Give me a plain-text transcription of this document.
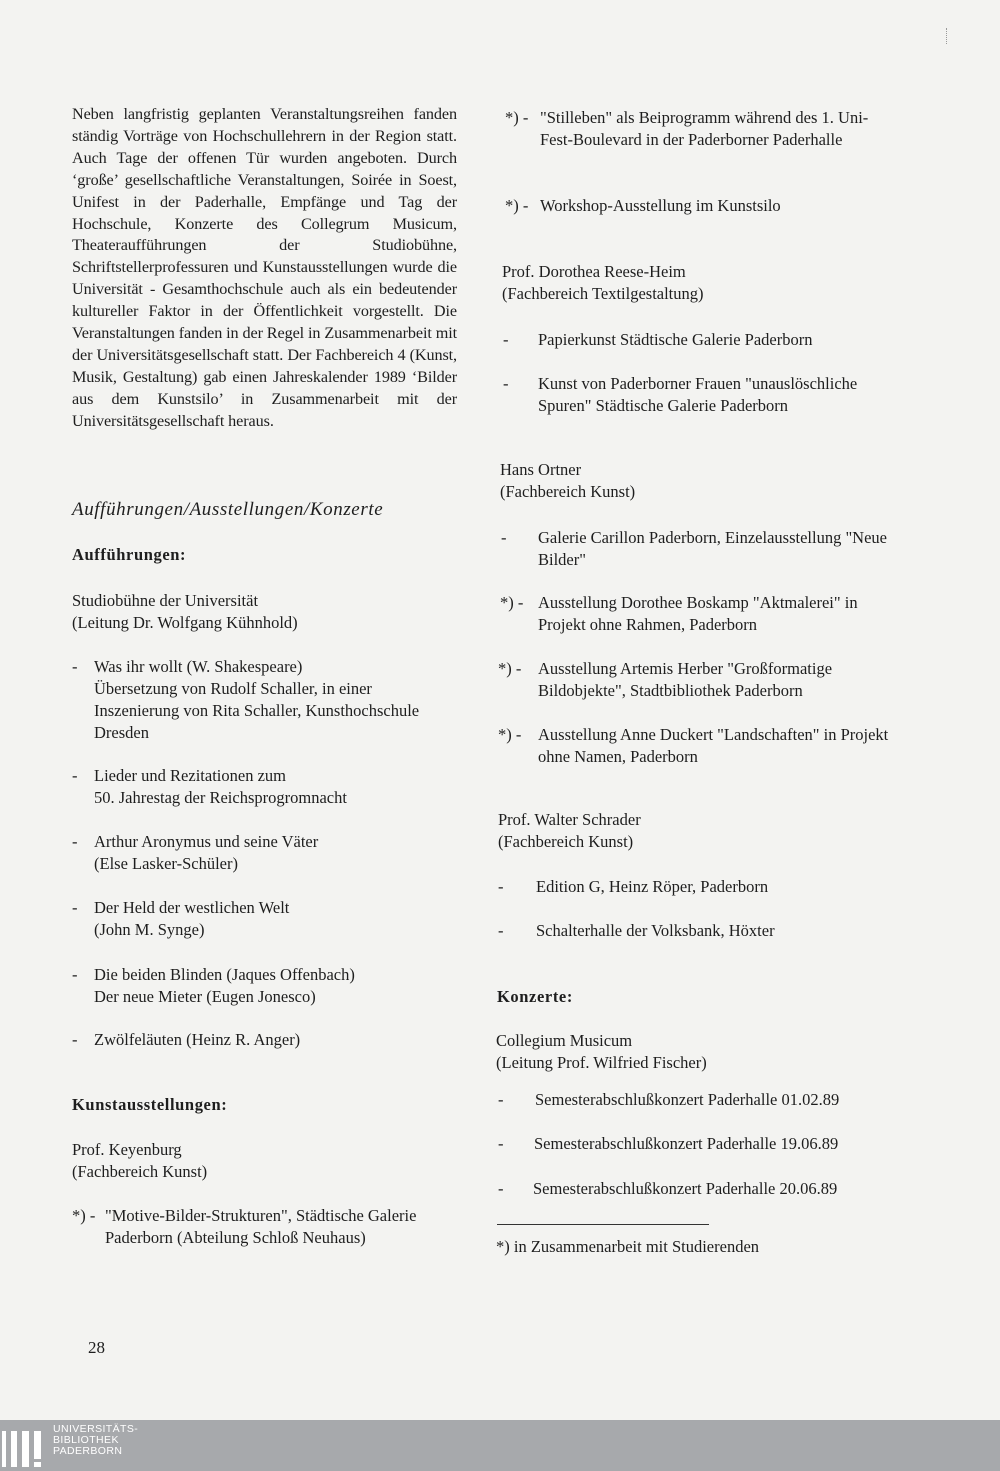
Neben langfristig geplanten Veranstaltungsreihen fanden ständig Vorträge von Hochschullehrern in der Region statt. Auch Tage der offenen Tür wurden angeboten. Durch ‘große’ gesellschaftliche Veranstaltungen, Soirée in Soest, Unifest in der Paderhalle, Empfänge und Tag der Hochschule, Konzerte des Collegrum Musicum, Theateraufführungen der Studiobühne, Schriftstellerprofessuren und Kunstausstellungen wurde die Universität - Gesamthochschule auch als ein bedeutender kultureller Faktor in der Öffentlichkeit vorgestellt. Die Veranstaltungen fanden in der Regel in Zusammenarbeit mit der Universitätsgesellschaft statt. Der Fachbereich 4 (Kunst, Musik, Gestaltung) gab einen Jahreskalender 1989 ‘Bilder aus dem Kunstsilo’ in Zusammenarbeit mit der Universitätsgesellschaft heraus.
Aufführungen/Ausstellungen/Konzerte
Aufführungen:
Studiobühne der Universität
(Leitung Dr. Wolfgang Kühnhold)
-	Was ihr wollt (W. Shakespeare)
Übersetzung von Rudolf Schaller, in einer Inszenierung von Rita Schaller, Kunsthochschule Dresden
-	Lieder und Rezitationen zum
50. Jahrestag der Reichsprogromnacht
-	Arthur Aronymus und seine Väter
(Else Lasker-Schüler)
-	Der Held der westlichen Welt
(John M. Synge)
-	Die beiden Blinden (Jaques Offenbach)
Der neue Mieter (Eugen Jonesco)
-	Zwölfeläuten (Heinz R. Anger)
Kunstausstellungen:
Prof. Keyenburg
(Fachbereich Kunst)
*) - "Motive-Bilder-Strukturen", Städtische Galerie Paderborn (Abteilung Schloß Neuhaus)
*) - "Stilleben" als Beiprogramm während des 1. Uni-Fest-Boulevard in der Paderborner Paderhalle
*) - Workshop-Ausstellung im Kunstsilo
Prof. Dorothea Reese-Heim
(Fachbereich Textilgestaltung)
-	Papierkunst Städtische Galerie Paderborn
-	Kunst von Paderborner Frauen "unauslöschliche Spuren" Städtische Galerie Paderborn
Hans Ortner
(Fachbereich Kunst)
-	Galerie Carillon Paderborn, Einzelausstellung "Neue Bilder"
*) - Ausstellung Dorothee Boskamp "Aktmalerei" in Projekt ohne Rahmen, Paderborn
*) -	Ausstellung Artemis Herber "Großformatige Bildobjekte", Stadtbibliothek Paderborn
*) -	Ausstellung Anne Duckert "Landschaften" in Projekt ohne Namen, Paderborn
Prof. Walter Schrader
(Fachbereich Kunst)
-	Edition G, Heinz Röper, Paderborn
-	Schalterhalle der Volksbank, Höxter
Konzerte:
Collegium Musicum
(Leitung Prof. Wilfried Fischer)
-	Semesterabschlußkonzert Paderhalle 01.02.89
-	Semesterabschlußkonzert Paderhalle 19.06.89
-	Semesterabschlußkonzert Paderhalle 20.06.89
*) in Zusammenarbeit mit Studierenden
28
UNIVERSITÄTS-
BIBLIOTHEK
PADERBORN
